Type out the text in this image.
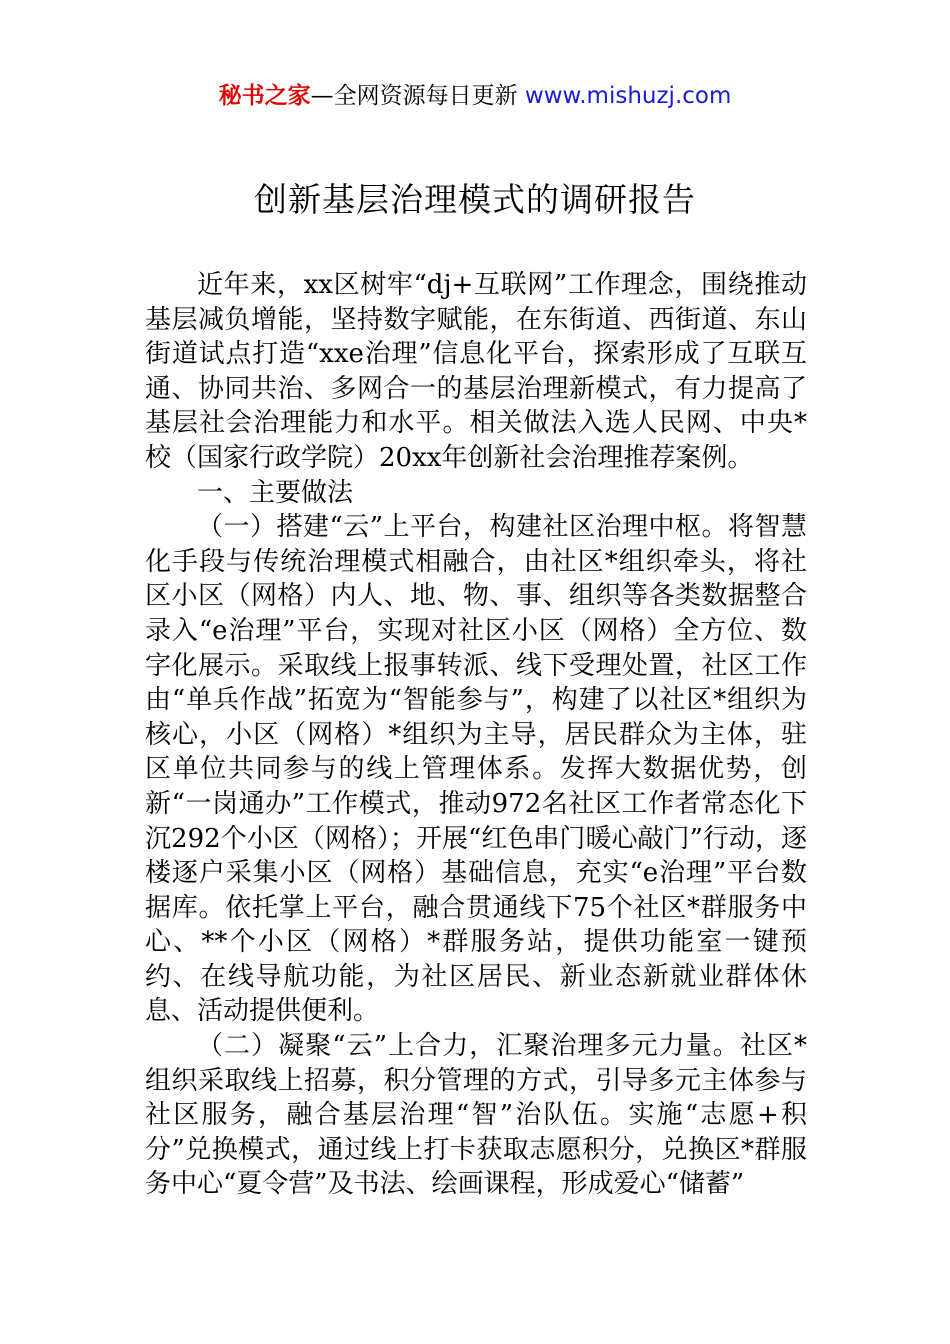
秘书之家—全网资源每日更新 www.mishuzj.com
创新基层治理模式的调研报告

近年来，xx区树牢“dj+互联网”工作理念，围绕推动基层减负增能，坚持数字赋能，在东街道、西街道、东山街道试点打造“xxe治理”信息化平台，探索形成了互联互通、协同共治、多网合一的基层治理新模式，有力提高了基层社会治理能力和水平。相关做法入选人民网、中央*校（国家行政学院）20xx年创新社会治理推荐案例。

一、主要做法

（一）搭建“云”上平台，构建社区治理中枢。将智慧化手段与传统治理模式相融合，由社区*组织牵头，将社区小区（网格）内人、地、物、事、组织等各类数据整合录入“e治理”平台，实现对社区小区（网格）全方位、数字化展示。采取线上报事转派、线下受理处置，社区工作由“单兵作战”拓宽为“智能参与”，构建了以社区*组织为核心，小区（网格）*组织为主导，居民群众为主体，驻区单位共同参与的线上管理体系。发挥大数据优势，创新“一岗通办”工作模式，推动972名社区工作者常态化下沉292个小区（网格）；开展“红色串门暖心敲门”行动，逐楼逐户采集小区（网格）基础信息，充实“e治理”平台数据库。依托掌上平台，融合贯通线下75个社区*群服务中心、**个小区（网格）*群服务站，提供功能室一键预约、在线导航功能，为社区居民、新业态新就业群体休息、活动提供便利。

（二）凝聚“云”上合力，汇聚治理多元力量。社区*组织采取线上招募，积分管理的方式，引导多元主体参与社区服务，融合基层治理“智”治队伍。实施“志愿+积分”兑换模式，通过线上打卡获取志愿积分，兑换区*群服务中心“夏令营”及书法、绘画课程，形成爱心“储蓄”
